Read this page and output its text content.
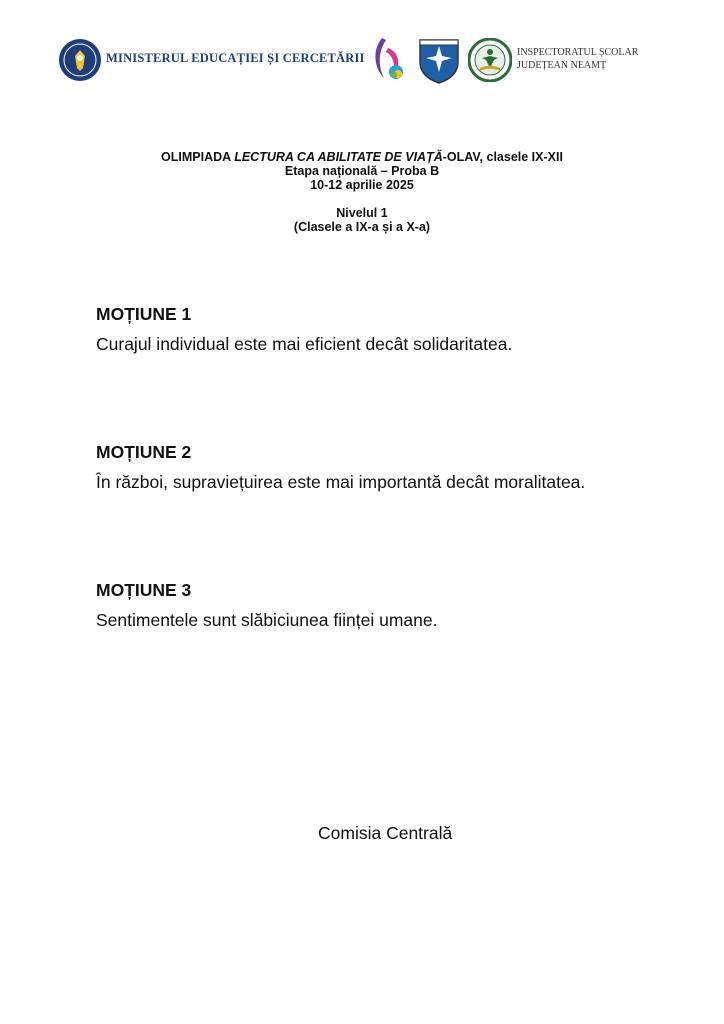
MINISTERUL EDUCAȚIEI ȘI CERCETĂRII	INSPECTORATUL ȘCOLAR
JUDEȚEAN NEAMȚ
OLIMPIADA LECTURA CA ABILITATE DE VIAȚĂ-OLAV, clasele IX-XII
Etapa națională – Proba B
10-12 aprilie 2025
Nivelul 1
(Clasele a IX-a și a X-a)

MOȚIUNE 1

Curajul individual este mai eficient decât solidaritatea.

MOȚIUNE 2

În război, supraviețuirea este mai importantă decât moralitatea.

MOȚIUNE 3

Sentimentele sunt slăbiciunea ființei umane.

Comisia Centrală
